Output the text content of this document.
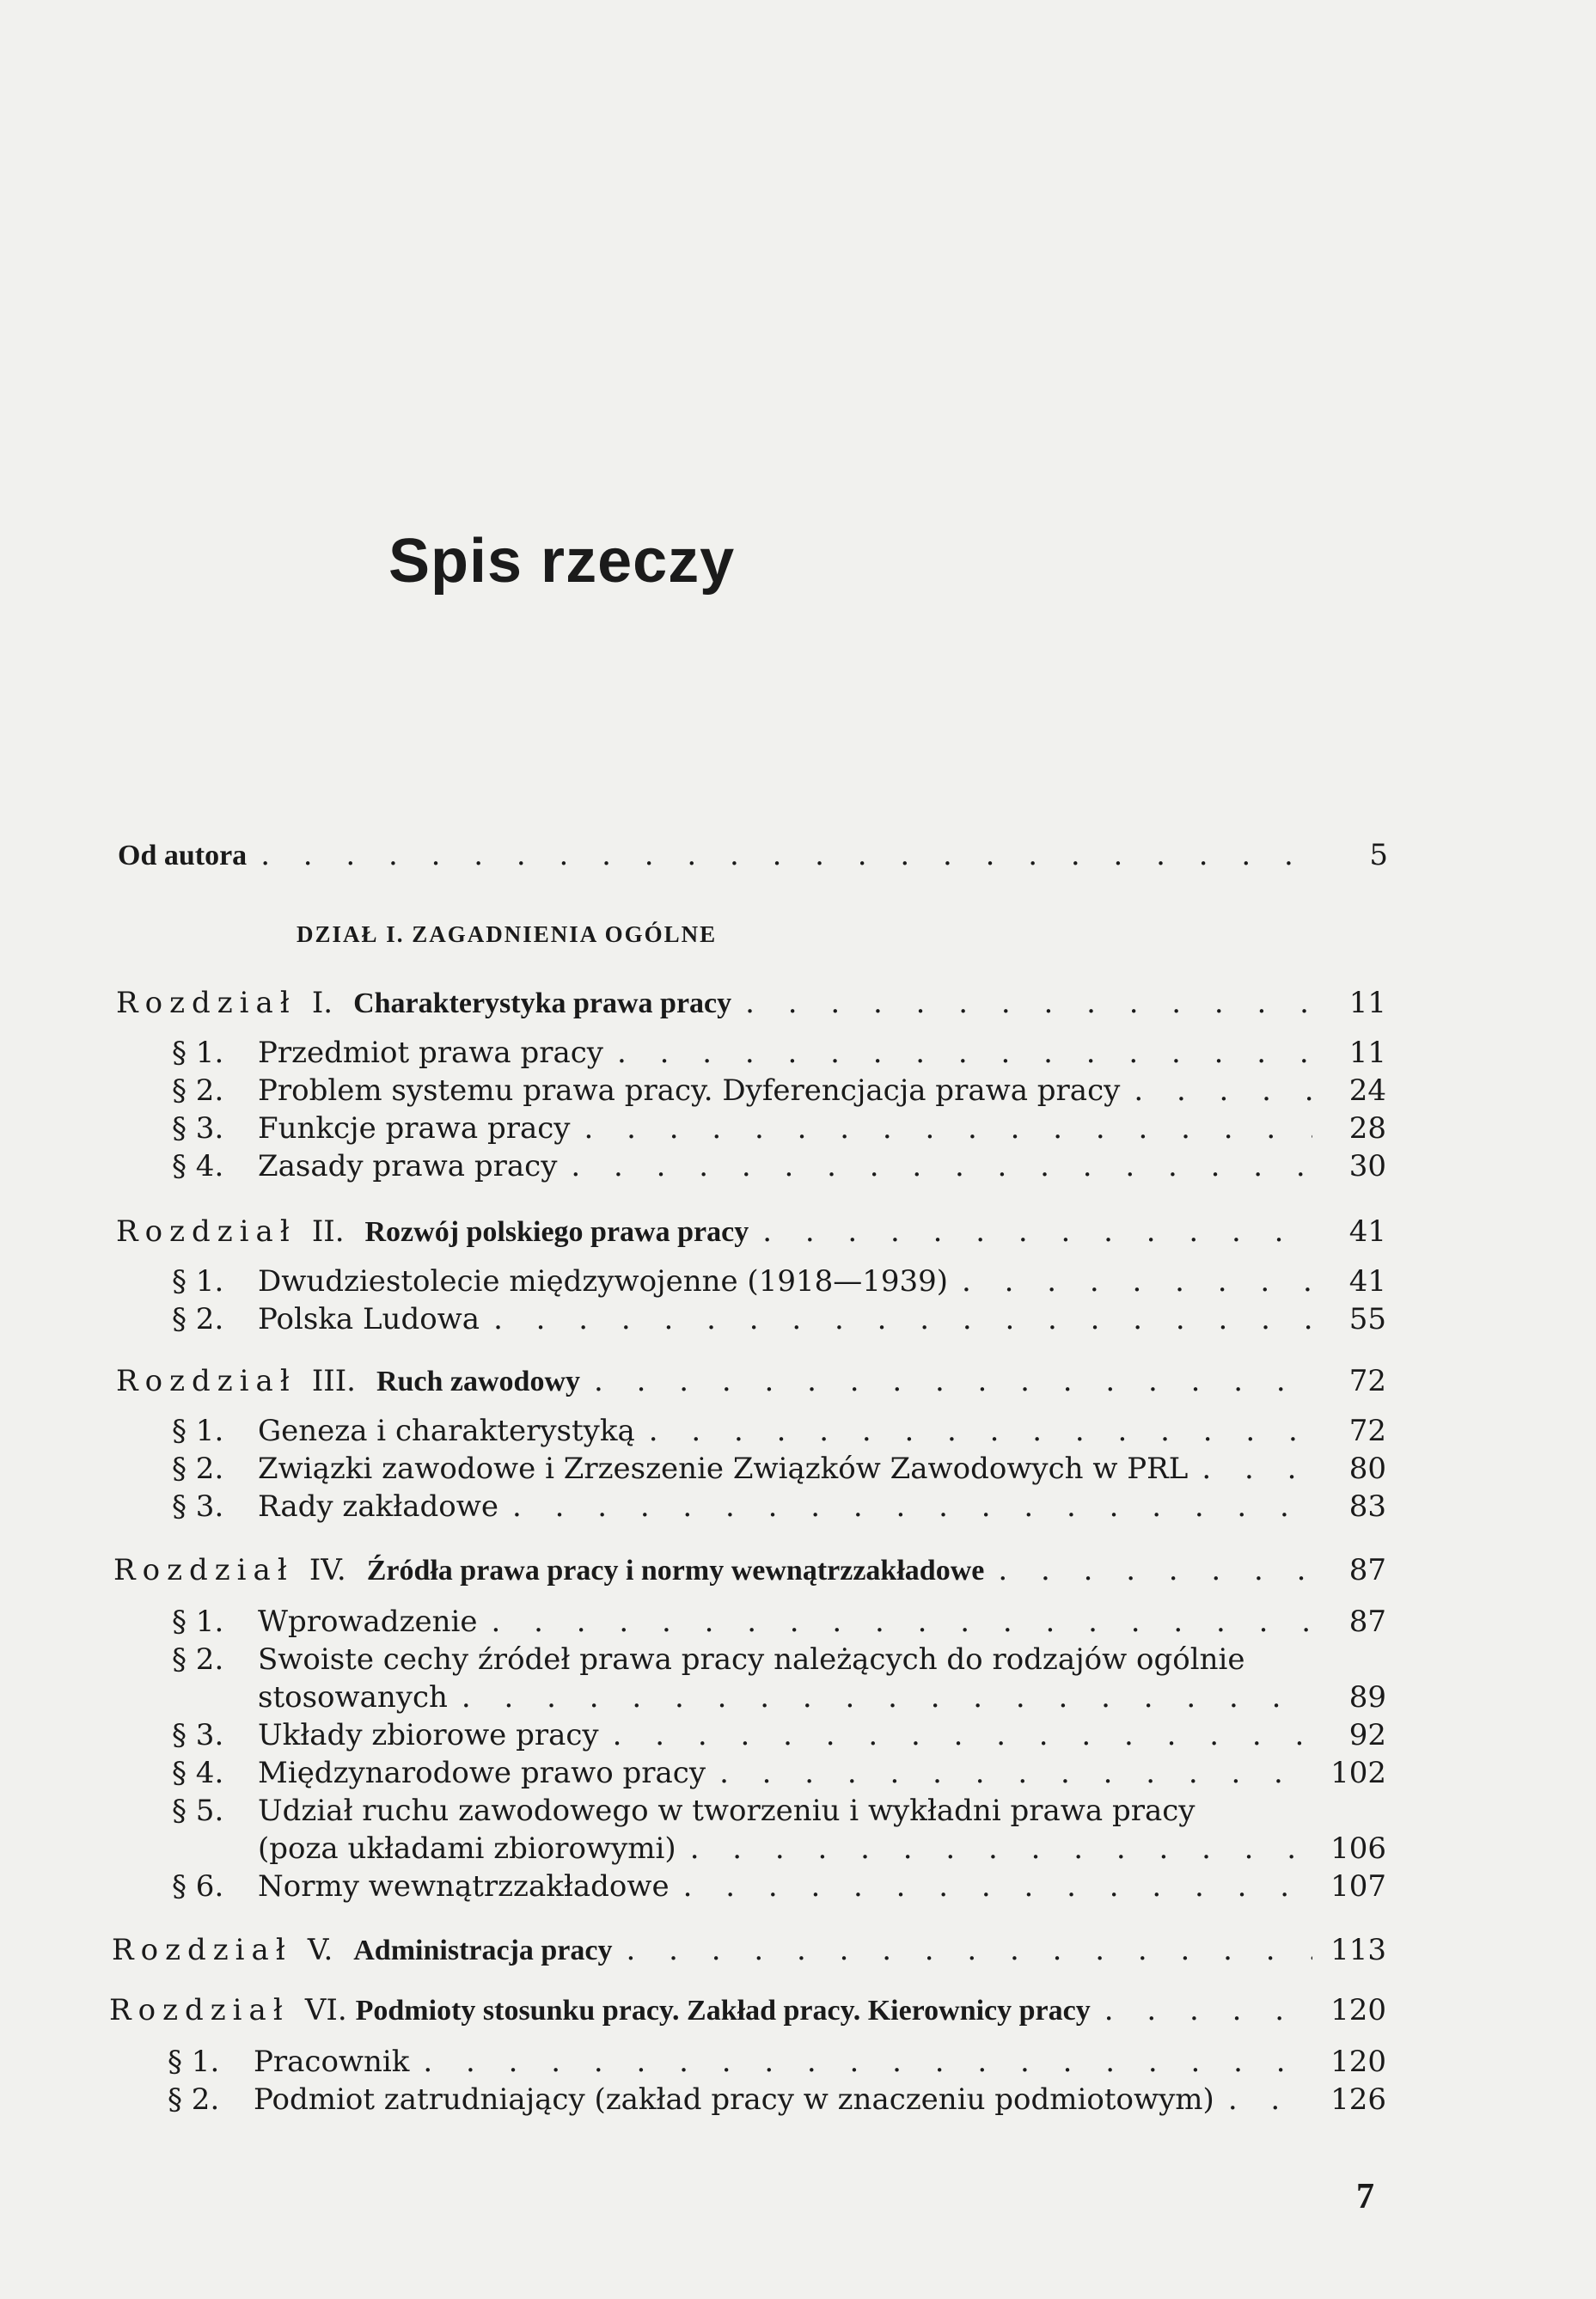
Spis rzeczy
Od autora . . .	5
DZIAŁ I. ZAGADNIENIA OGÓLNE
Rozdział I. Charakterystyka prawa pracy . . .	11
§ 1. Przedmiot prawa pracy . . .	11
§ 2. Problem systemu prawa pracy. Dyferencjacja prawa pracy . . .	24
§ 3. Funkcje prawa pracy . . .	28
§ 4. Zasady prawa pracy . . .	30
Rozdział II. Rozwój polskiego prawa pracy . . .	41
§ 1. Dwudziestolecie międzywojenne (1918—1939) . . .	41
§ 2. Polska Ludowa . . .	55
Rozdział III. Ruch zawodowy . . .	72
§ 1. Geneza i charakterystyką . . .	72
§ 2. Związki zawodowe i Zrzeszenie Związków Zawodowych w PRL . . .	80
§ 3. Rady zakładowe . . .	83
Rozdział IV. Źródła prawa pracy i normy wewnątrzzakładowe . . .	87
§ 1. Wprowadzenie . . .	87
§ 2. Swoiste cechy źródeł prawa pracy należących do rodzajów ogólnie
stosowanych . . .	89
§ 3. Układy zbiorowe pracy . . .	92
§ 4. Międzynarodowe prawo pracy . . .	102
§ 5. Udział ruchu zawodowego w tworzeniu i wykładni prawa pracy
(poza układami zbiorowymi) . . .	106
§ 6. Normy wewnątrzzakładowe . . .	107
Rozdział V. Administracja pracy . . .	113
Rozdział VI. Podmioty stosunku pracy. Zakład pracy. Kierownicy pracy . . .	120
§ 1. Pracownik . . .	120
§ 2. Podmiot zatrudniający (zakład pracy w znaczeniu podmiotowym) . . .	126
7
